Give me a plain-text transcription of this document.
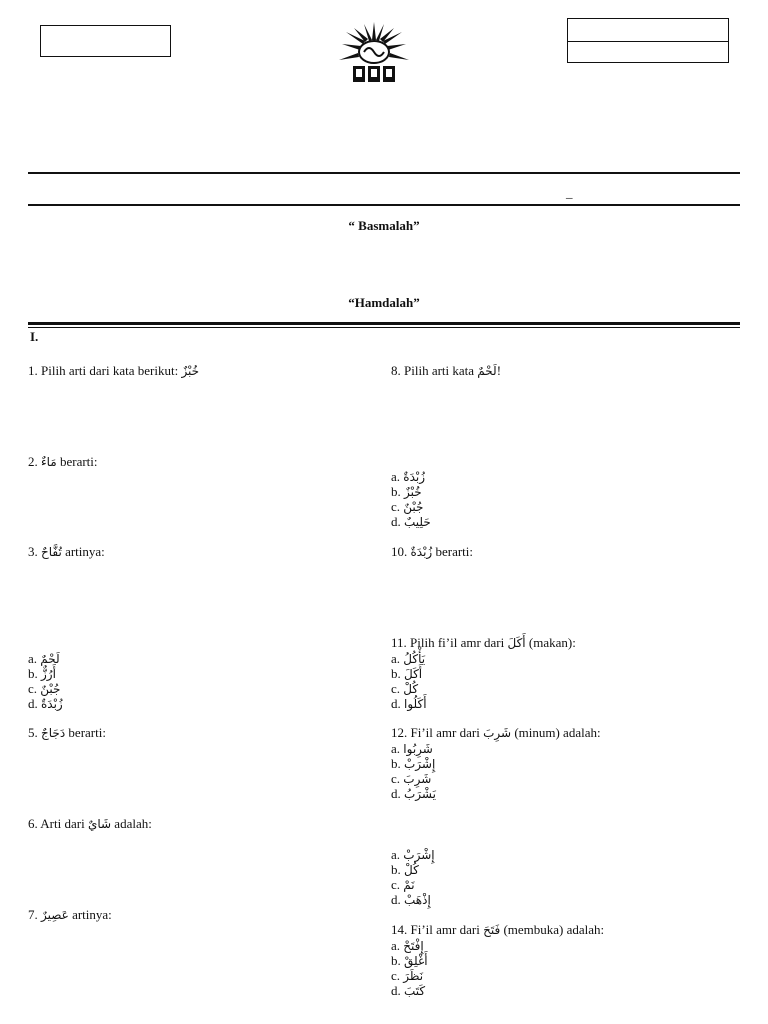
_
“ Basmalah”
“Hamdalah”
I.
1. Pilih arti dari kata berikut: خُبْزٌ
2. مَاءٌ berarti:
3. تُفَّاحٌ artinya:
a. لَحْمٌ
b. أَرُزٌّ
c. جُبْنٌ
d. زُبْدَةٌ
5. دَجَاجٌ berarti:
6. Arti dari شَايٌ adalah:
7. عَصِيرٌ artinya:
8. Pilih arti kata لَحْمٌ!
a. زُبْدَةٌ
b. خُبْزٌ
c. جُبْنٌ
d. حَلِيبٌ
10. زُبْدَةٌ berarti:
11. Pilih fi’il amr dari أَكَلَ (makan):
a. يَأْكُلُ
b. أَكَلَ
c. كُلْ
d. أَكَلُوا
12. Fi’il amr dari شَرِبَ (minum) adalah:
a. شَرِبُوا
b. إِشْرَبْ
c. شَرِبَ
d. يَشْرَبُ
a. إِشْرَبْ
b. كُلْ
c. نَمْ
d. إِذْهَبْ
14. Fi’il amr dari فَتَحَ (membuka) adalah:
a. إِفْتَحْ
b. أَغْلِقْ
c. نَظَرَ
d. كَتَبَ
